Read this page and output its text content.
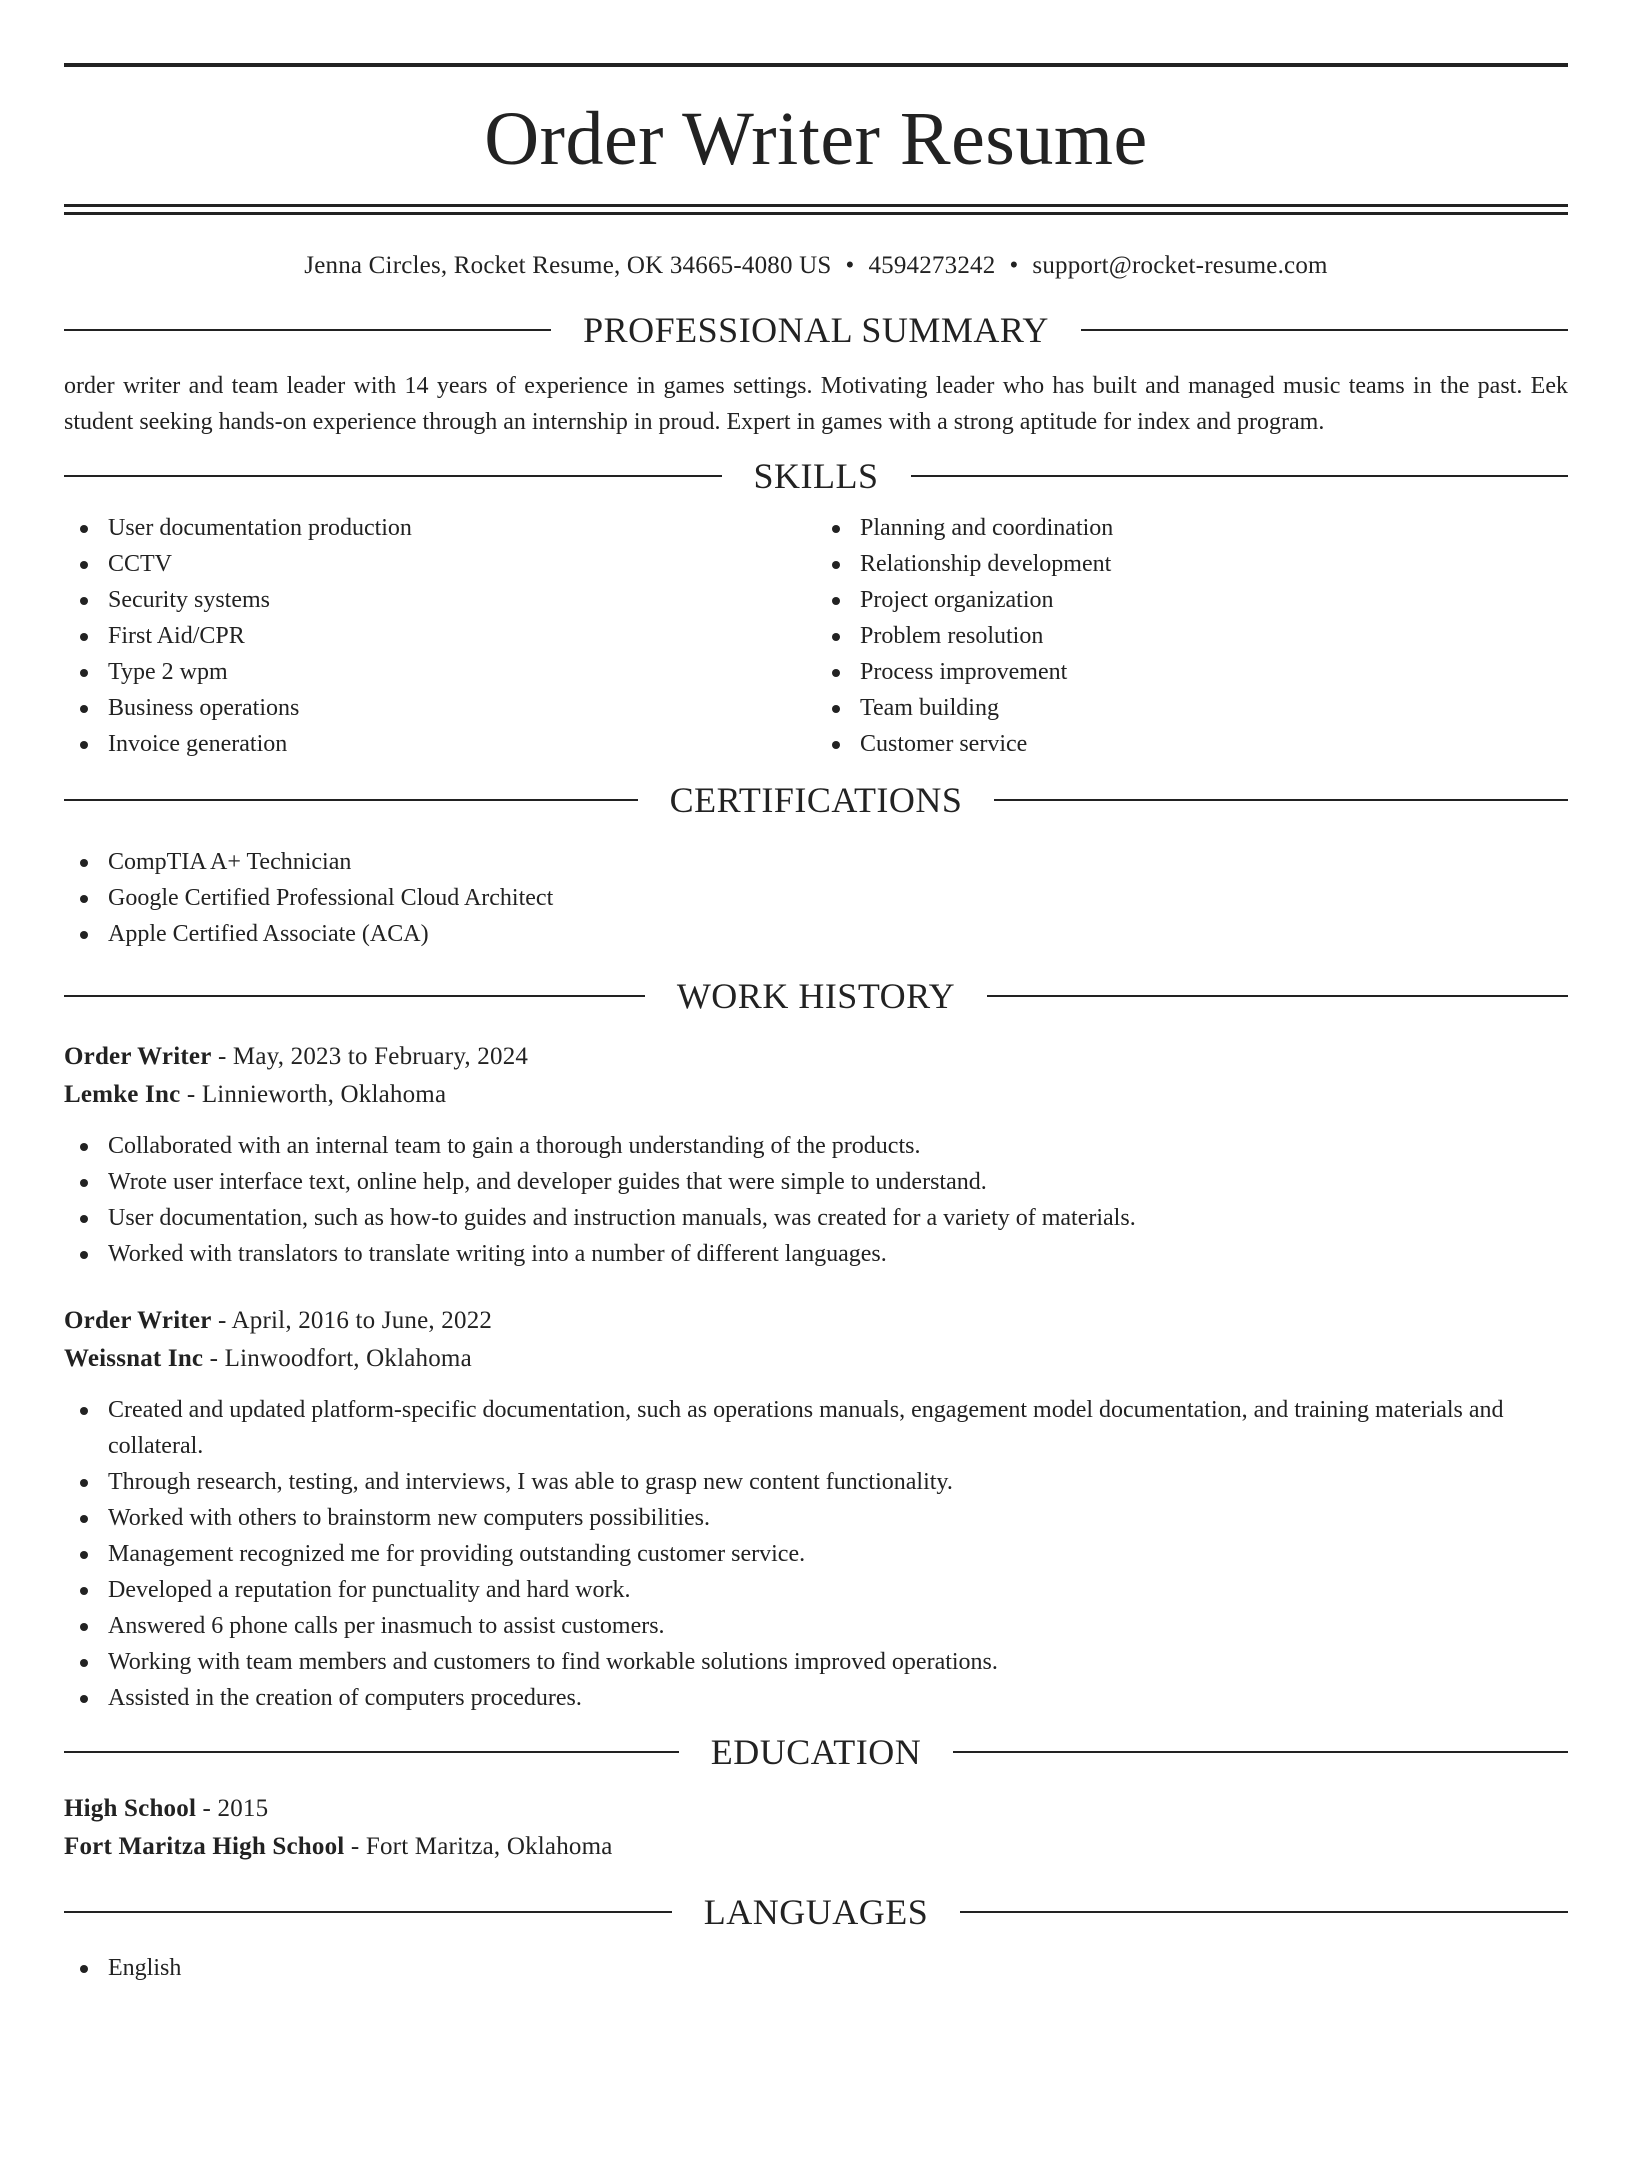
Order Writer Resume
Jenna Circles, Rocket Resume, OK 34665-4080 US • 4594273242 • support@rocket-resume.com
PROFESSIONAL SUMMARY

order writer and team leader with 14 years of experience in games settings. Motivating leader who has built and managed music teams in the past. Eek student seeking hands-on experience through an internship in proud. Expert in games with a strong aptitude for index and program.

SKILLS
User documentation production
CCTV
Security systems
First Aid/CPR
Type 2 wpm
Business operations
Invoice generation
Planning and coordination
Relationship development
Project organization
Problem resolution
Process improvement
Team building
Customer service
CERTIFICATIONS
CompTIA A+ Technician
Google Certified Professional Cloud Architect
Apple Certified Associate (ACA)
WORK HISTORY
Order Writer - May, 2023 to February, 2024
Lemke Inc - Linnieworth, Oklahoma
Collaborated with an internal team to gain a thorough understanding of the products.
Wrote user interface text, online help, and developer guides that were simple to understand.
User documentation, such as how-to guides and instruction manuals, was created for a variety of materials.
Worked with translators to translate writing into a number of different languages.
Order Writer - April, 2016 to June, 2022
Weissnat Inc - Linwoodfort, Oklahoma
Created and updated platform-specific documentation, such as operations manuals, engagement model documentation, and training materials and collateral.
Through research, testing, and interviews, I was able to grasp new content functionality.
Worked with others to brainstorm new computers possibilities.
Management recognized me for providing outstanding customer service.
Developed a reputation for punctuality and hard work.
Answered 6 phone calls per inasmuch to assist customers.
Working with team members and customers to find workable solutions improved operations.
Assisted in the creation of computers procedures.
EDUCATION
High School - 2015
Fort Maritza High School - Fort Maritza, Oklahoma
LANGUAGES
English
